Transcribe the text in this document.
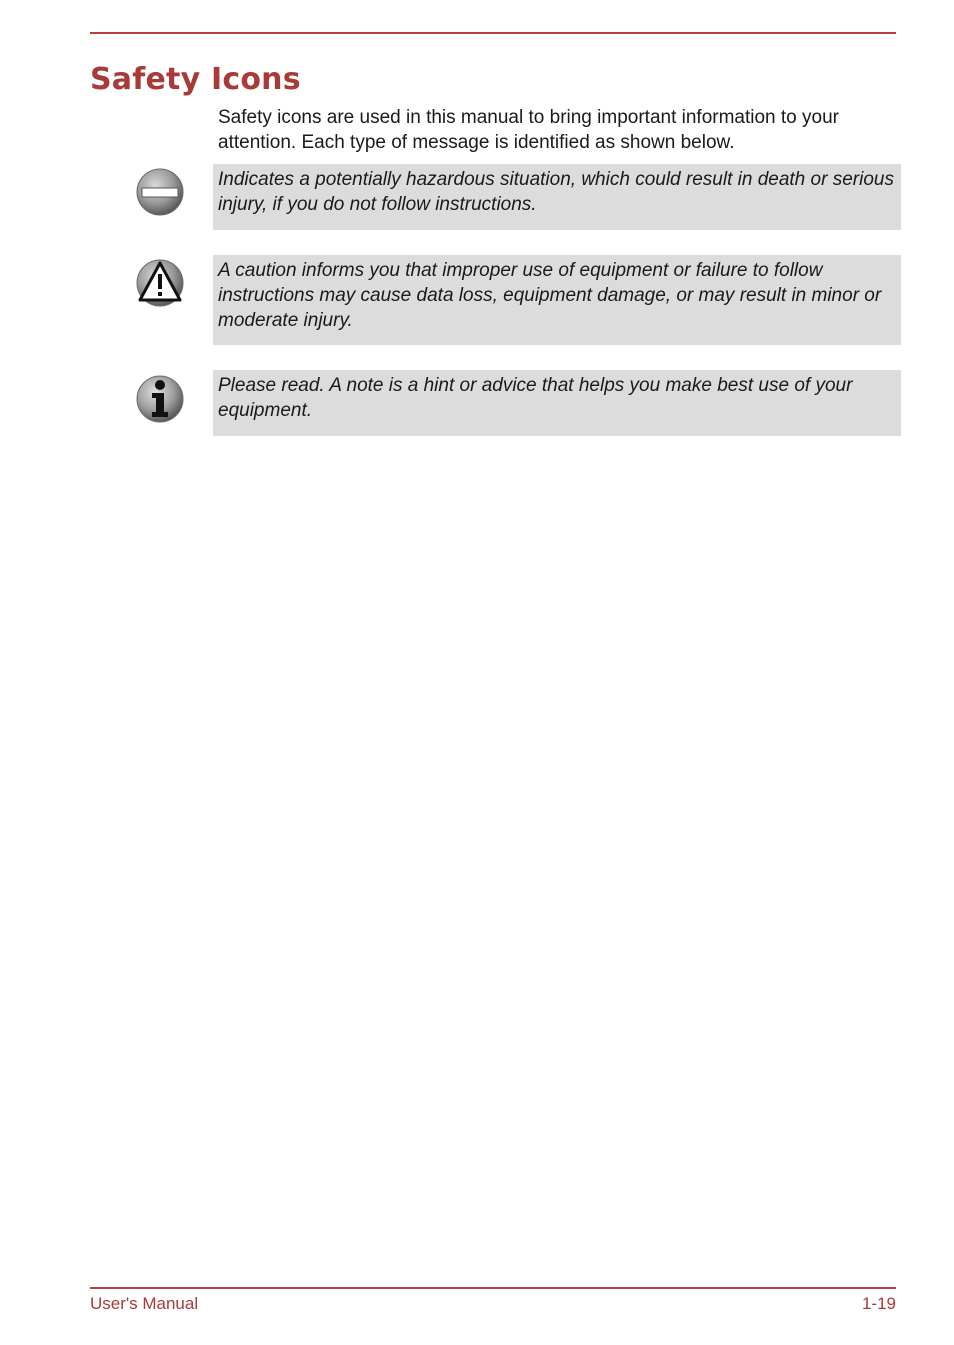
Safety Icons

Safety icons are used in this manual to bring important information to your attention. Each type of message is identified as shown below.

Indicates a potentially hazardous situation, which could result in death or serious injury, if you do not follow instructions.

A caution informs you that improper use of equipment or failure to follow instructions may cause data loss, equipment damage, or may result in minor or moderate injury.

Please read. A note is a hint or advice that helps you make best use of your equipment.

User's Manual	1-19
